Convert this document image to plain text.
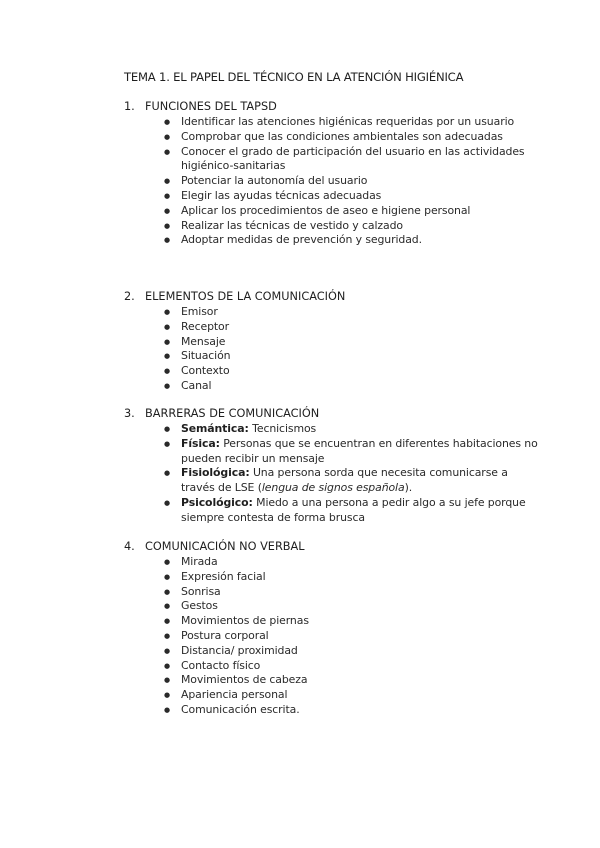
TEMA 1. EL PAPEL DEL TÉCNICO EN LA ATENCIÓN HIGIÉNICA
1. FUNCIONES DEL TAPSD
● Identificar las atenciones higiénicas requeridas por un usuario
● Comprobar que las condiciones ambientales son adecuadas
● Conocer el grado de participación del usuario en las actividades higiénico-sanitarias
● Potenciar la autonomía del usuario
● Elegir las ayudas técnicas adecuadas
● Aplicar los procedimientos de aseo e higiene personal
● Realizar las técnicas de vestido y calzado
● Adoptar medidas de prevención y seguridad.
2. ELEMENTOS DE LA COMUNICACIÓN
● Emisor
● Receptor
● Mensaje
● Situación
● Contexto
● Canal
3. BARRERAS DE COMUNICACIÓN
● Semántica: Tecnicismos
● Física: Personas que se encuentran en diferentes habitaciones no pueden recibir un mensaje
● Fisiológica: Una persona sorda que necesita comunicarse a través de LSE (lengua de signos española).
● Psicológico: Miedo a una persona a pedir algo a su jefe porque siempre contesta de forma brusca
4. COMUNICACIÓN NO VERBAL
● Mirada
● Expresión facial
● Sonrisa
● Gestos
● Movimientos de piernas
● Postura corporal
● Distancia/ proximidad
● Contacto físico
● Movimientos de cabeza
● Apariencia personal
● Comunicación escrita.
